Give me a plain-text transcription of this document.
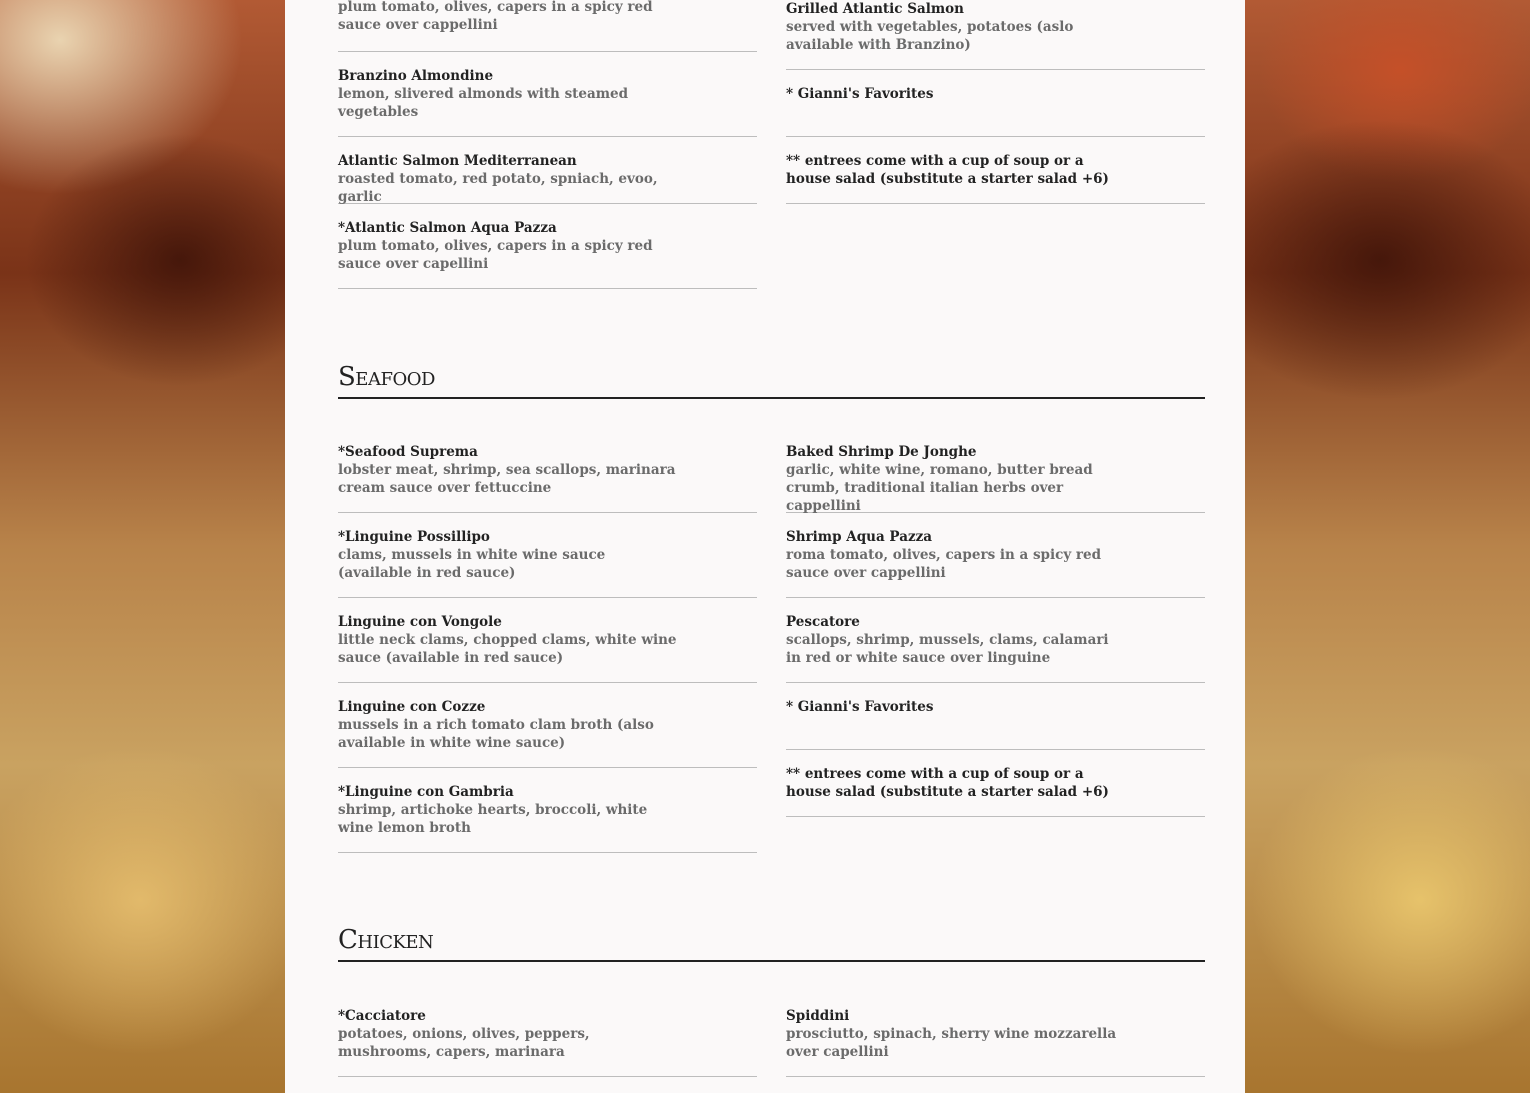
plum tomato, olives, capers in a spicy red sauce over cappellini
Branzino Almondine
lemon, slivered almonds with steamed vegetables
Atlantic Salmon Mediterranean
roasted tomato, red potato, spniach, evoo, garlic
*Atlantic Salmon Aqua Pazza
plum tomato, olives, capers in a spicy red sauce over capellini
Grilled Atlantic Salmon
served with vegetables, potatoes (aslo available with Branzino)
* Gianni's Favorites
** entrees come with a cup of soup or a house salad (substitute a starter salad +6)
Seafood
*Seafood Suprema
lobster meat, shrimp, sea scallops, marinara cream sauce over fettuccine
*Linguine Possillipo
clams, mussels in white wine sauce (available in red sauce)
Linguine con Vongole
little neck clams, chopped clams, white wine sauce (available in red sauce)
Linguine con Cozze
mussels in a rich tomato clam broth (also available in white wine sauce)
*Linguine con Gambria
shrimp, artichoke hearts, broccoli, white wine lemon broth
Baked Shrimp De Jonghe
garlic, white wine, romano, butter bread crumb, traditional italian herbs over cappellini
Shrimp Aqua Pazza
roma tomato, olives, capers in a spicy red sauce over cappellini
Pescatore
scallops, shrimp, mussels, clams, calamari in red or white sauce over linguine
* Gianni's Favorites
** entrees come with a cup of soup or a house salad (substitute a starter salad +6)
Chicken
*Cacciatore
potatoes, onions, olives, peppers, mushrooms, capers, marinara
Spiddini
prosciutto, spinach, sherry wine mozzarella over capellini
